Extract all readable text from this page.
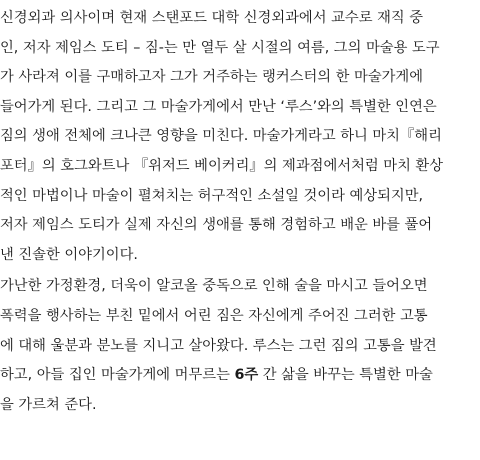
신경외과 의사이며 현재 스탠포드 대학 신경외과에서 교수로 재직 중
인, 저자 제임스 도티 – 짐-는 만 열두 살 시절의 여름, 그의 마술용 도구
가 사라져 이를 구매하고자 그가 거주하는 랭커스터의 한 마술가게에
들어가게 된다. 그리고 그 마술가게에서 만난 ‘루스’와의 특별한 인연은
짐의 생애 전체에 크나큰 영향을 미친다. 마술가게라고 하니 마치『해리
포터』의 호그와트나 『위저드 베이커리』의 제과점에서처럼 마치 환상
적인 마법이나 마술이 펼쳐치는 허구적인 소설일 것이라 예상되지만,
저자 제임스 도티가 실제 자신의 생애를 통해 경험하고 배운 바를 풀어
낸 진솔한 이야기이다.
가난한 가정환경, 더욱이 알코올 중독으로 인해 술을 마시고 들어오면
폭력을 행사하는 부친 밑에서 어린 짐은 자신에게 주어진 그러한 고통
에 대해 울분과 분노를 지니고 살아왔다. 루스는 그런 짐의 고통을 발견
하고, 아들 집인 마술가게에 머무르는 6주 간 삶을 바꾸는 특별한 마술
을 가르쳐 준다.
